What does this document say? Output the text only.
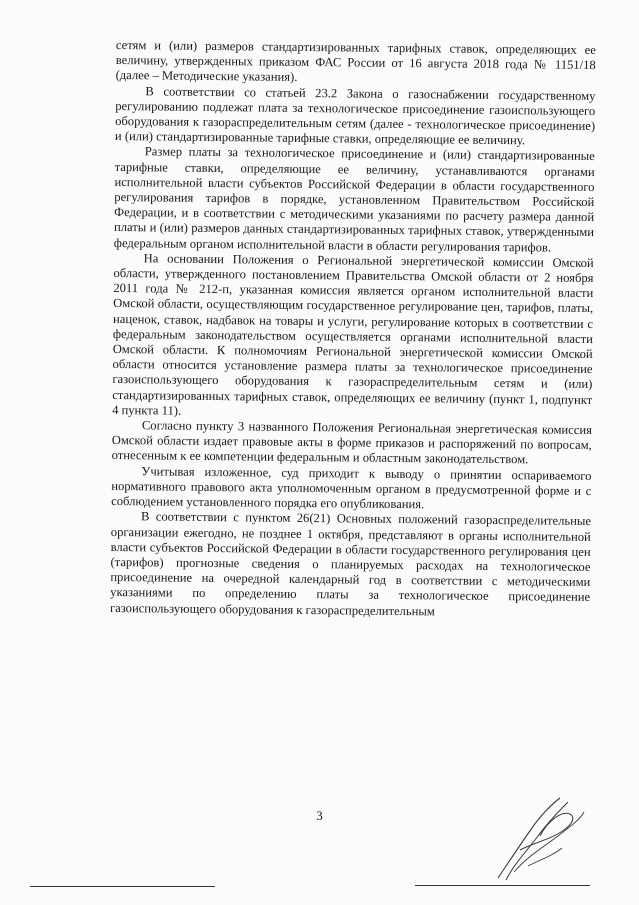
сетям и (или) размеров стандартизированных тарифных ставок, определяющих ее величину, утвержденных приказом ФАС России от 16 августа 2018 года № 1151/18 (далее – Методические указания).

В соответствии со статьей 23.2 Закона о газоснабжении государственному регулированию подлежат плата за технологическое присоединение газоиспользующего оборудования к газораспределительным сетям (далее - технологическое присоединение) и (или) стандартизированные тарифные ставки, определяющие ее величину.

Размер платы за технологическое присоединение и (или) стандартизированные тарифные ставки, определяющие ее величину, устанавливаются органами исполнительной власти субъектов Российской Федерации в области государственного регулирования тарифов в порядке, установленном Правительством Российской Федерации, и в соответствии с методическими указаниями по расчету размера данной платы и (или) размеров данных стандартизированных тарифных ставок, утвержденными федеральным органом исполнительной власти в области регулирования тарифов.

На основании Положения о Региональной энергетической комиссии Омской области, утвержденного постановлением Правительства Омской области от 2 ноября 2011 года № 212-п, указанная комиссия является органом исполнительной власти Омской области, осуществляющим государственное регулирование цен, тарифов, платы, наценок, ставок, надбавок на товары и услуги, регулирование которых в соответствии с федеральным законодательством осуществляется органами исполнительной власти Омской области. К полномочиям Региональной энергетической комиссии Омской области относится установление размера платы за технологическое присоединение газоиспользующего оборудования к газораспределительным сетям и (или) стандартизированных тарифных ставок, определяющих ее величину (пункт 1, подпункт 4 пункта 11).

Согласно пункту 3 названного Положения Региональная энергетическая комиссия Омской области издает правовые акты в форме приказов и распоряжений по вопросам, отнесенным к ее компетенции федеральным и областным законодательством.

Учитывая изложенное, суд приходит к выводу о принятии оспариваемого нормативного правового акта уполномоченным органом в предусмотренной форме и с соблюдением установленного порядка его опубликования.

В соответствии с пунктом 26(21) Основных положений газораспределительные организации ежегодно, не позднее 1 октября, представляют в органы исполнительной власти субъектов Российской Федерации в области государственного регулирования цен (тарифов) прогнозные сведения о планируемых расходах на технологическое присоединение на очередной календарный год в соответствии с методическими указаниями по определению платы за технологическое присоединение газоиспользующего оборудования к газораспределительным

3
